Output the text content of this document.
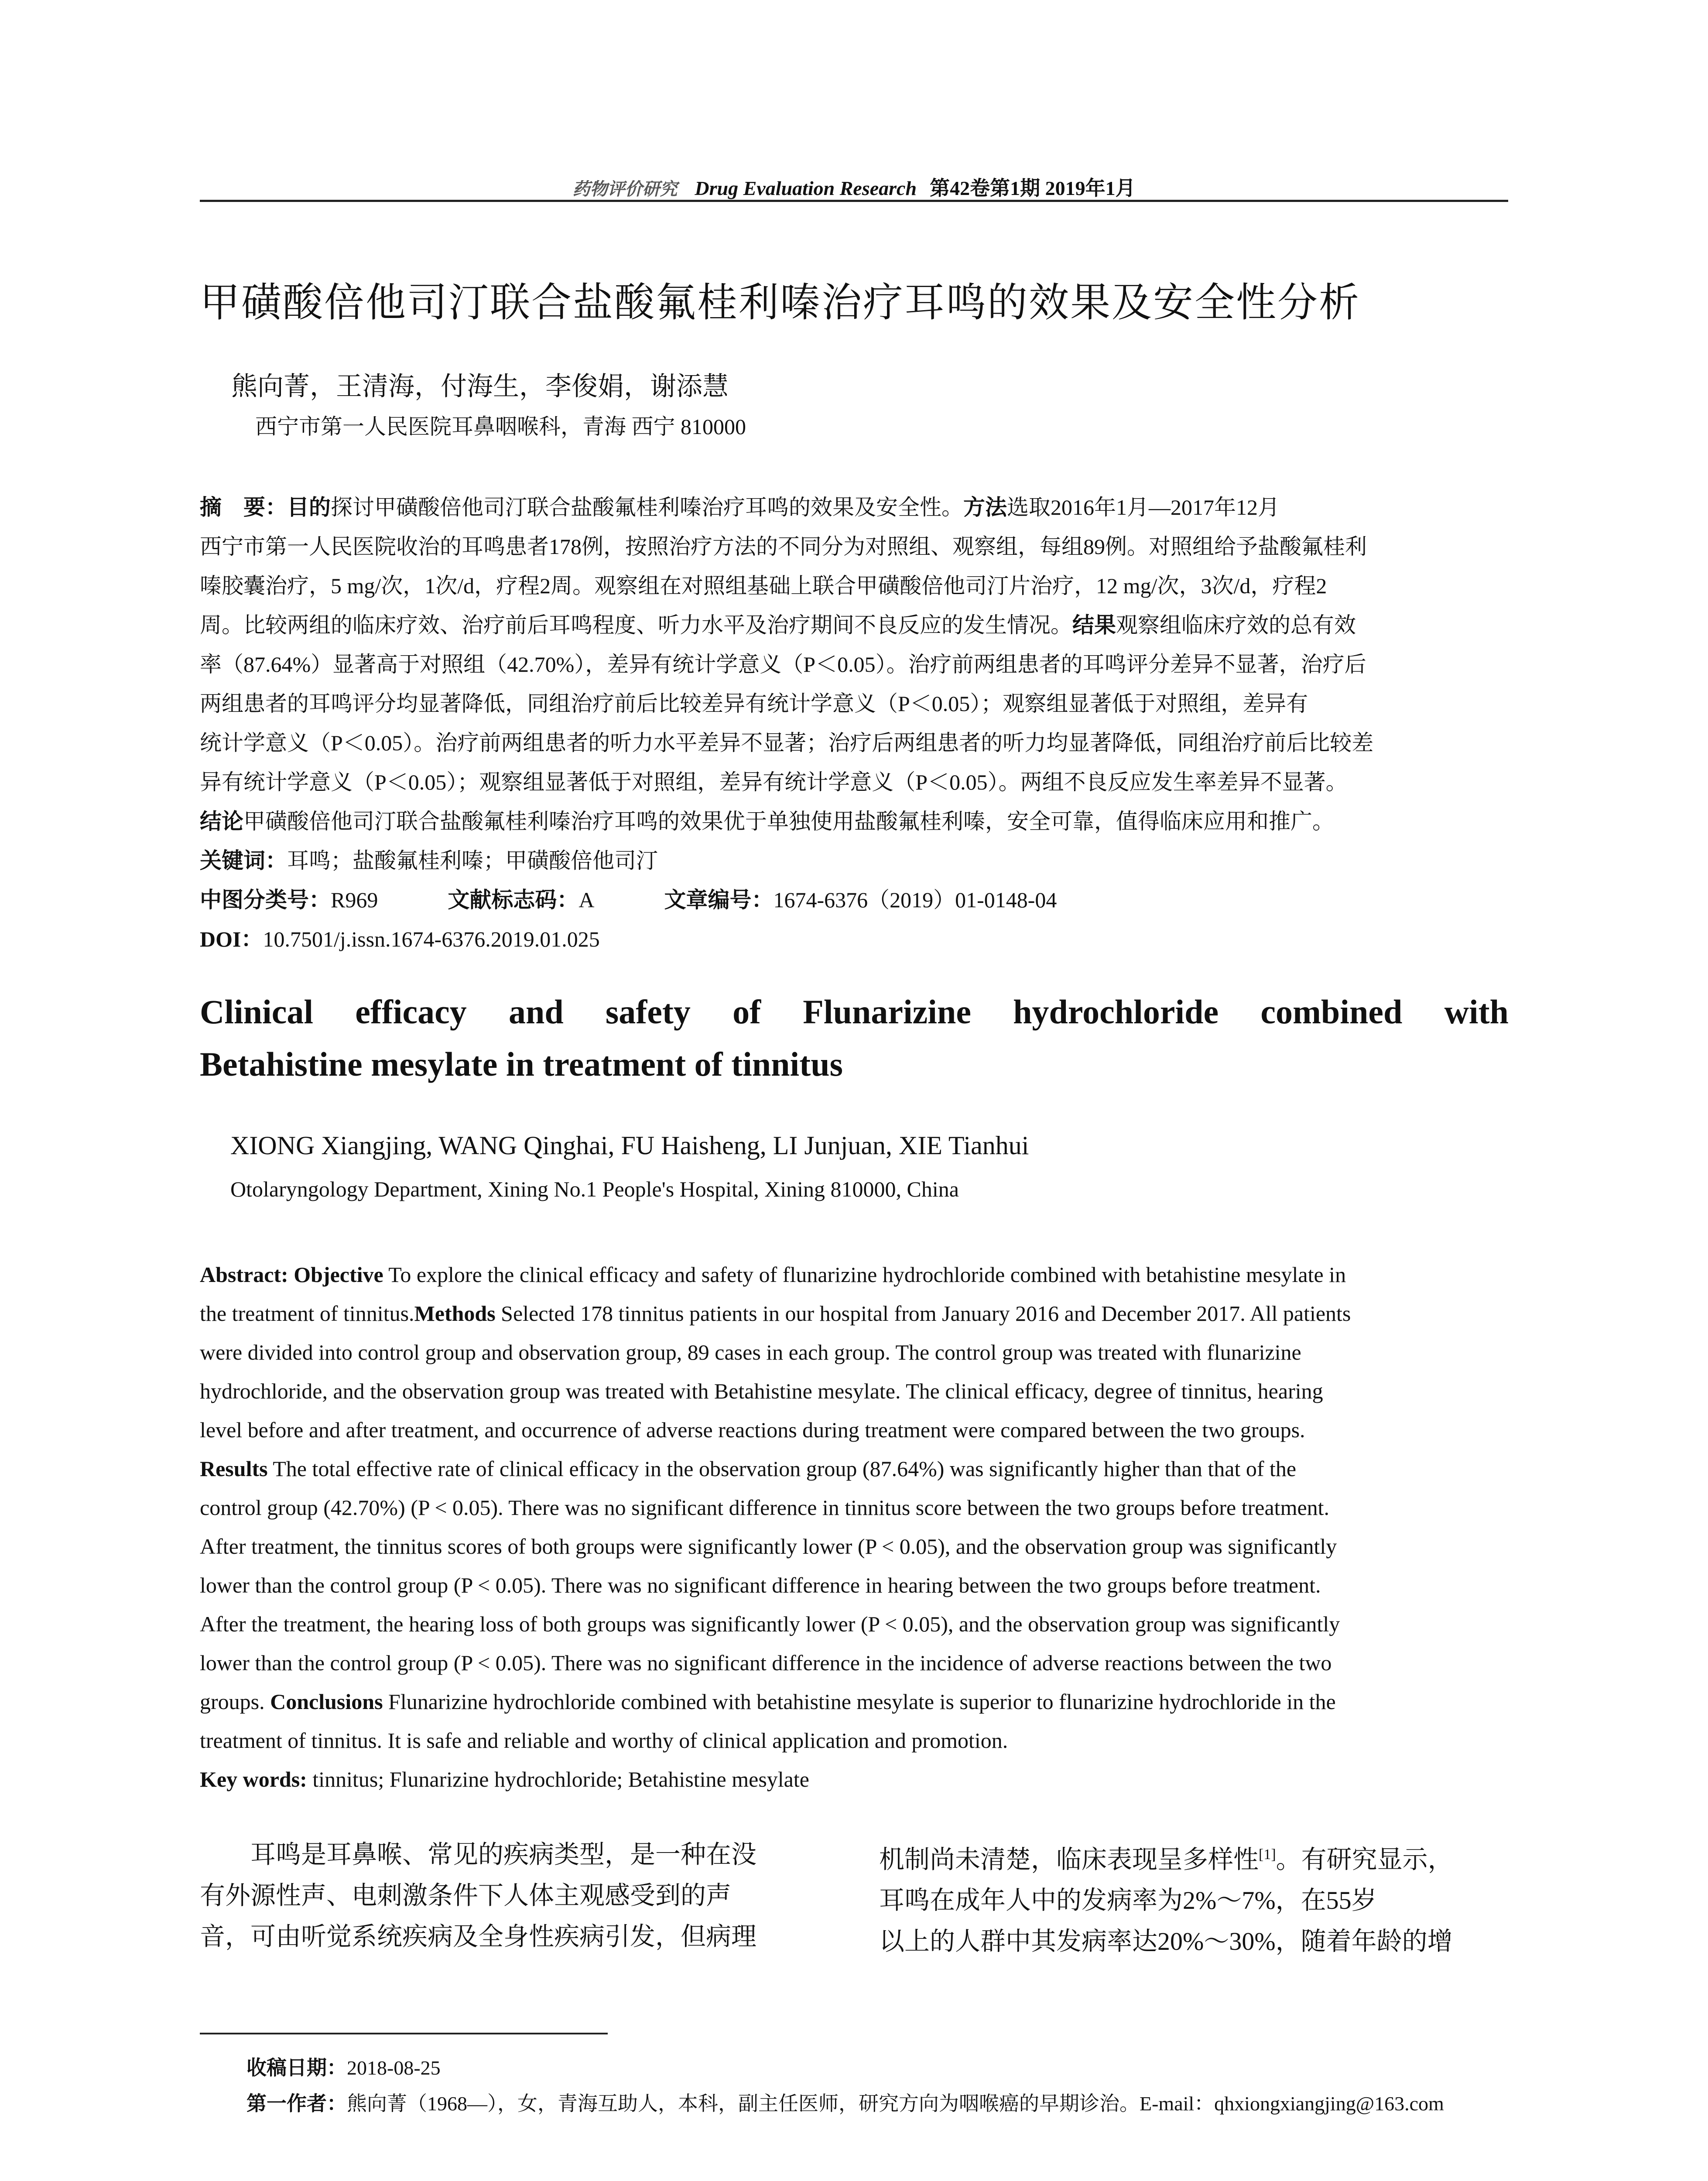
药物评价研究 Drug Evaluation Research 第42卷第1期 2019年1月
甲磺酸倍他司汀联合盐酸氟桂利嗪治疗耳鸣的效果及安全性分析
熊向菁，王清海，付海生，李俊娟，谢添慧
西宁市第一人民医院耳鼻咽喉科，青海 西宁 810000

摘　要：目的探讨甲磺酸倍他司汀联合盐酸氟桂利嗪治疗耳鸣的效果及安全性。方法选取2016年1月—2017年12月

西宁市第一人民医院收治的耳鸣患者178例，按照治疗方法的不同分为对照组、观察组，每组89例。对照组给予盐酸氟桂利

嗪胶囊治疗，5 mg/次，1次/d，疗程2周。观察组在对照组基础上联合甲磺酸倍他司汀片治疗，12 mg/次，3次/d，疗程2

周。比较两组的临床疗效、治疗前后耳鸣程度、听力水平及治疗期间不良反应的发生情况。结果观察组临床疗效的总有效

率（87.64%）显著高于对照组（42.70%），差异有统计学意义（P＜0.05）。治疗前两组患者的耳鸣评分差异不显著，治疗后

两组患者的耳鸣评分均显著降低，同组治疗前后比较差异有统计学意义（P＜0.05）；观察组显著低于对照组，差异有

统计学意义（P＜0.05）。治疗前两组患者的听力水平差异不显著；治疗后两组患者的听力均显著降低，同组治疗前后比较差

异有统计学意义（P＜0.05）；观察组显著低于对照组，差异有统计学意义（P＜0.05）。两组不良反应发生率差异不显著。

结论甲磺酸倍他司汀联合盐酸氟桂利嗪治疗耳鸣的效果优于单独使用盐酸氟桂利嗪，安全可靠，值得临床应用和推广。

关键词：耳鸣；盐酸氟桂利嗪；甲磺酸倍他司汀

中图分类号：R969	文献标志码：A	文章编号：1674-6376（2019）01-0148-04

DOI：10.7501/j.issn.1674-6376.2019.01.025

Clinical efficacy and safety of Flunarizine hydrochloride combined with
Betahistine mesylate in treatment of tinnitus
XIONG Xiangjing, WANG Qinghai, FU Haisheng, LI Junjuan, XIE Tianhui
Otolaryngology Department, Xining No.1 People's Hospital, Xining 810000, China

Abstract: Objective To explore the clinical efficacy and safety of flunarizine hydrochloride combined with betahistine mesylate in

the treatment of tinnitus.Methods Selected 178 tinnitus patients in our hospital from January 2016 and December 2017. All patients

were divided into control group and observation group, 89 cases in each group. The control group was treated with flunarizine

hydrochloride, and the observation group was treated with Betahistine mesylate. The clinical efficacy, degree of tinnitus, hearing

level before and after treatment, and occurrence of adverse reactions during treatment were compared between the two groups.

Results The total effective rate of clinical efficacy in the observation group (87.64%) was significantly higher than that of the

control group (42.70%) (P < 0.05). There was no significant difference in tinnitus score between the two groups before treatment.

After treatment, the tinnitus scores of both groups were significantly lower (P < 0.05), and the observation group was significantly

lower than the control group (P < 0.05). There was no significant difference in hearing between the two groups before treatment.

After the treatment, the hearing loss of both groups was significantly lower (P < 0.05), and the observation group was significantly

lower than the control group (P < 0.05). There was no significant difference in the incidence of adverse reactions between the two

groups. Conclusions Flunarizine hydrochloride combined with betahistine mesylate is superior to flunarizine hydrochloride in the

treatment of tinnitus. It is safe and reliable and worthy of clinical application and promotion.

Key words: tinnitus; Flunarizine hydrochloride; Betahistine mesylate

　　耳鸣是耳鼻喉、常见的疾病类型，是一种在没

有外源性声、电刺激条件下人体主观感受到的声

音，可由听觉系统疾病及全身性疾病引发，但病理

机制尚未清楚，临床表现呈多样性[1]。有研究显示，

耳鸣在成年人中的发病率为2%～7%，在55岁

以上的人群中其发病率达20%～30%，随着年龄的增

收稿日期：2018-08-25

第一作者：熊向菁（1968—），女，青海互助人，本科，副主任医师，研究方向为咽喉癌的早期诊治。E-mail：qhxiongxiangjing@163.com
